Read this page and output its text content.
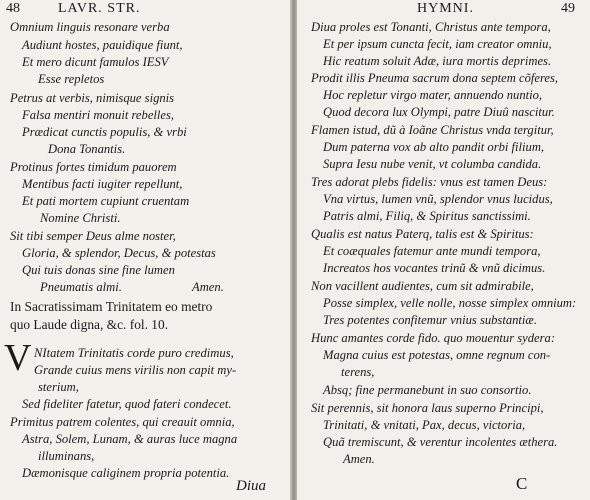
48	LAVR. STR.
Omnium linguis resonare verba
Audiunt hostes, pauidique fiunt,
Et mero dicunt famulos IESV
Esse repletos
Petrus at verbis, nimisque signis
Falsa mentiri monuit rebelles,
Prædicat cunctis populis, & vrbi
Dona Tonantis.
Protinus fortes timidum pauorem
Mentibus facti iugiter repellunt,
Et pati mortem cupiunt cruentam
Nomine Christi.
Sit tibi semper Deus alme noster,
Gloria, & splendor, Decus, & potestas
Qui tuis donas sine fine lumen
Pneumatis almi.	Amen.
In Sacratissimam Trinitatem eo metro
quo Laude digna, &c. fol. 10.
V NItatem Trinitatis corde puro credimus,
Grande cuius mens virilis non capit my-
sterium,
Sed fideliter fatetur, quod fateri condecet.
Primitus patrem colentes, qui creauit omnia,
Astra, Solem, Lunam, & auras luce magna
illuminans,
Dæmonisque caliginem propria potentia.
Diua
HYMNI.	49
Diua proles est Tonanti, Christus ante tempora,
Et per ipsum cuncta fecit, iam creator omniu,
Hic reatum soluit Adæ, iura mortis deprimes.
Prodit illis Pneuma sacrum dona septem cõferes,
Hoc repletur virgo mater, annuendo nuntio,
Quod decora lux Olympi, patre Diuû nascitur.
Flamen istud, dũ à Ioãne Christus vnda tergitur,
Dum paterna vox ab alto pandit orbi filium,
Supra Iesu nube venit, vt columba candida.
Tres adorat plebs fidelis: vnus est tamen Deus:
Vna virtus, lumen vnũ, splendor vnus lucidus,
Patris almi, Filiq, & Spiritus sanctissimi.
Qualis est natus Paterq, talis est & Spiritus:
Et coæquales fatemur ante mundi tempora,
Increatos hos vocantes trinũ & vnũ dicimus.
Non vacillent audientes, cum sit admirabile,
Posse simplex, velle nolle, nosse simplex omnium:
Tres potentes confitemur vnius substantiæ.
Hunc amantes corde fido. quo mouentur sydera:
Magna cuius est potestas, omne regnum con-
terens,
Absq; fine permanebunt in suo consortio.
Sit perennis, sit honora laus superno Principi,
Trinitati, & vnitati, Pax, decus, victoria,
Quã tremiscunt, & verentur incolentes æthera.
Amen.
C
